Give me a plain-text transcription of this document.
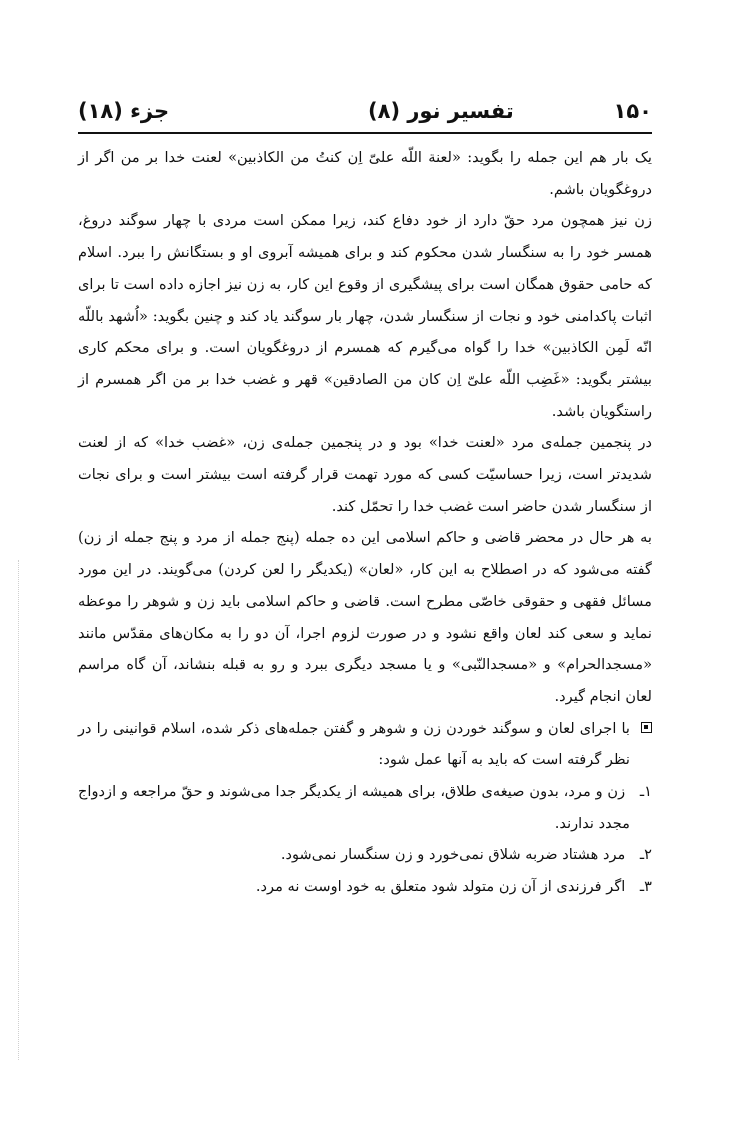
۱۵۰
تفسیر نور (۸)
جزء (۱۸)

یک بار هم این جمله را بگوید: «لعنة اللّه علیّ اِن کنتُ من الکاذبین» لعنت خدا بر من اگر از دروغگویان باشم.

زن نیز همچون مرد حقّ دارد از خود دفاع کند، زیرا ممکن است مردی با چهار سوگند دروغ، همسر خود را به سنگسار شدن محکوم کند و برای همیشه آبروی او و بستگانش را ببرد. اسلام که حامی حقوق همگان است برای پیشگیری از وقوع این کار، به زن نیز اجازه داده است تا برای اثبات پاکدامنی خود و نجات از سنگسار شدن، چهار بار سوگند یاد کند و چنین بگوید: «اُشهد باللّه انّه لَمِن الکاذبین» خدا را گواه می‌گیرم که همسرم از دروغگویان است. و برای محکم کاری بیشتر بگوید: «غَضِب اللّه علیّ اِن کان من الصادقین» قهر و غضب خدا بر من اگر همسرم از راستگویان باشد.

در پنجمین جمله‌ی مرد «لعنت خدا» بود و در پنجمین جمله‌ی زن، «غضب خدا» که از لعنت شدیدتر است، زیرا حساسیّت کسی که مورد تهمت قرار گرفته است بیشتر است و برای نجات از سنگسار شدن حاضر است غضب خدا را تحمّل کند.

به هر حال در محضر قاضی و حاکم اسلامی این ده جمله (پنج جمله از مرد و پنج جمله از زن) گفته می‌شود که در اصطلاح به این کار، «لعان» (یکدیگر را لعن کردن) می‌گویند. در این مورد مسائل فقهی و حقوقی خاصّی مطرح است. قاضی و حاکم اسلامی باید زن و شوهر را موعظه نماید و سعی کند لعان واقع نشود و در صورت لزوم اجرا، آن دو را به مکان‌های مقدّس مانند «مسجدالحرام» و «مسجدالنّبی» و یا مسجد دیگری ببرد و رو به قبله بنشاند، آن گاه مراسم لعان انجام گیرد.

با اجرای لعان و سوگند خوردن زن و شوهر و گفتن جمله‌های ذکر شده، اسلام قوانینی را در نظر گرفته است که باید به آنها عمل شود:

۱ـ زن و مرد، بدون صیغه‌ی طلاق، برای همیشه از یکدیگر جدا می‌شوند و حقّ مراجعه و ازدواج مجدد ندارند.

۲ـ مرد هشتاد ضربه شلاق نمی‌خورد و زن سنگسار نمی‌شود.

۳ـ اگر فرزندی از آن زن متولد شود متعلق به خود اوست نه مرد.
